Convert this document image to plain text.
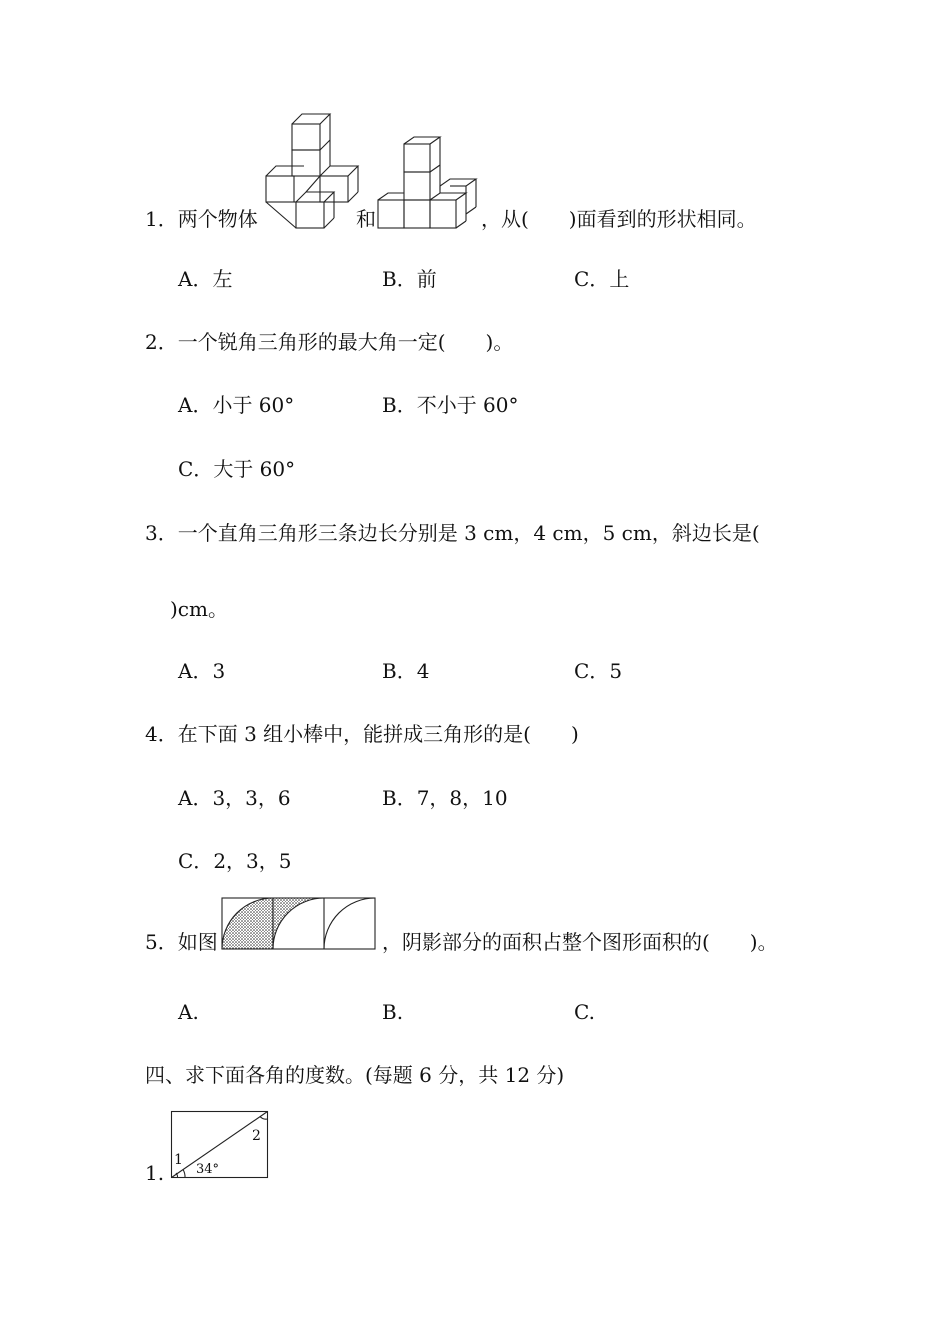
1．两个物体	和	，从(　　)面看到的形状相同。
A．左	B．前	C．上
2．一个锐角三角形的最大角一定(　　)。
A．小于 60°	B．不小于 60°
C．大于 60°
3．一个直角三角形三条边长分别是 3 cm，4 cm，5 cm，斜边长是(
)cm。
A．3	B．4	C．5
4．在下面 3 组小棒中，能拼成三角形的是(　　)
A．3，3，6	B．7，8，10
C．2，3，5
5．如图	，阴影部分的面积占整个图形面积的(　　)。
A.	B.	C.
四、求下面各角的度数。(每题 6 分，共 12 分)
1.
1
2
34°
